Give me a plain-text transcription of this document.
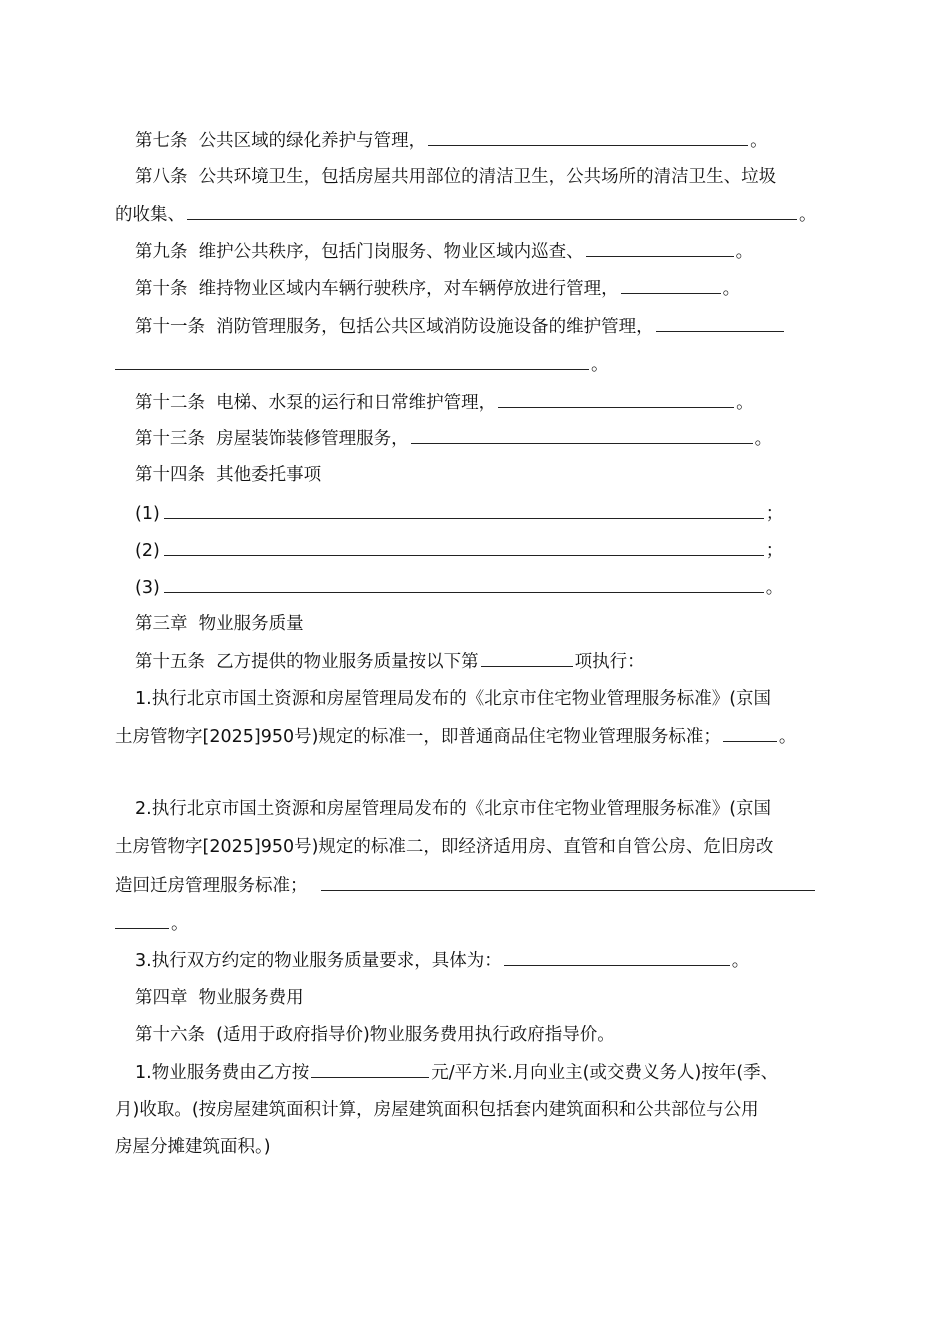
第七条 公共区域的绿化养护与管理，	。
第八条 公共环境卫生，包括房屋共用部位的清洁卫生，公共场所的清洁卫生、垃圾
的收集、	。
第九条 维护公共秩序，包括门岗服务、物业区域内巡查、	。
第十条 维持物业区域内车辆行驶秩序，对车辆停放进行管理，	。
第十一条 消防管理服务，包括公共区域消防设施设备的维护管理，
。
第十二条 电梯、水泵的运行和日常维护管理，	。
第十三条 房屋装饰装修管理服务，	。
第十四条 其他委托事项
(1)	；
(2)	；
(3)	。
第三章 物业服务质量
第十五条 乙方提供的物业服务质量按以下第	项执行：
1.执行北京市国土资源和房屋管理局发布的《北京市住宅物业管理服务标准》(京国
土房管物字[2025]950号)规定的标准一，即普通商品住宅物业管理服务标准；	。
2.执行北京市国土资源和房屋管理局发布的《北京市住宅物业管理服务标准》(京国
土房管物字[2025]950号)规定的标准二，即经济适用房、直管和自管公房、危旧房改
造回迁房管理服务标准；
。
3.执行双方约定的物业服务质量要求，具体为：	。
第四章 物业服务费用
第十六条 (适用于政府指导价)物业服务费用执行政府指导价。
1.物业服务费由乙方按	元/平方米.月向业主(或交费义务人)按年(季、
月)收取。(按房屋建筑面积计算，房屋建筑面积包括套内建筑面积和公共部位与公用
房屋分摊建筑面积。)
